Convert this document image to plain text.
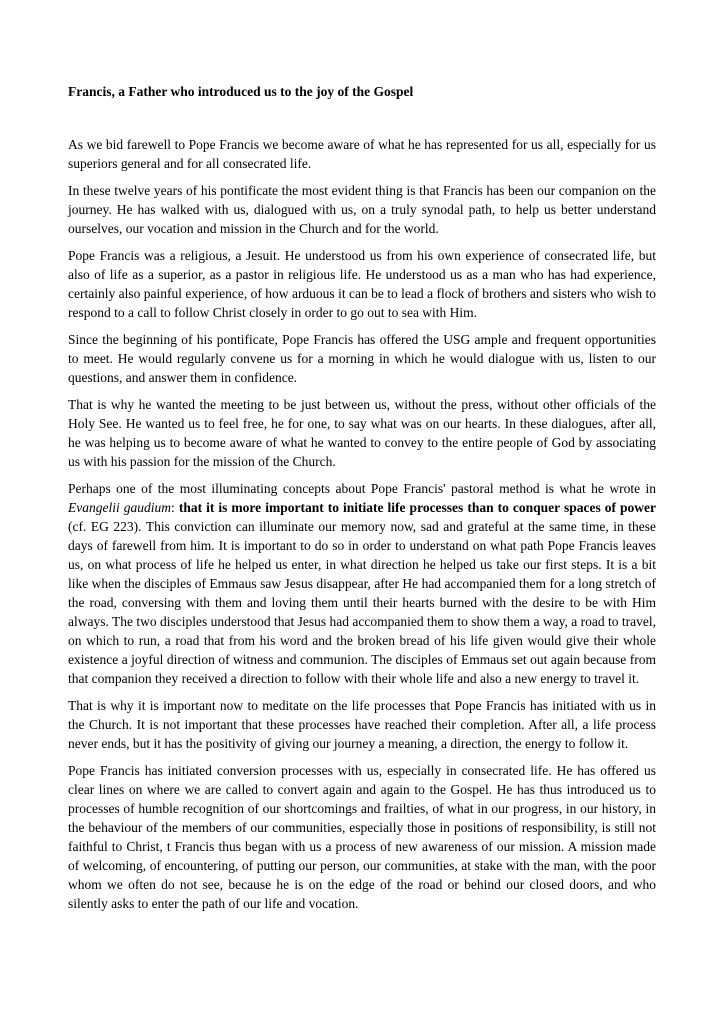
Francis, a Father who introduced us to the joy of the Gospel

As we bid farewell to Pope Francis we become aware of what he has represented for us all, especially for us superiors general and for all consecrated life.

In these twelve years of his pontificate the most evident thing is that Francis has been our companion on the journey. He has walked with us, dialogued with us, on a truly synodal path, to help us better understand ourselves, our vocation and mission in the Church and for the world.

Pope Francis was a religious, a Jesuit. He understood us from his own experience of consecrated life, but also of life as a superior, as a pastor in religious life. He understood us as a man who has had experience, certainly also painful experience, of how arduous it can be to lead a flock of brothers and sisters who wish to respond to a call to follow Christ closely in order to go out to sea with Him.

Since the beginning of his pontificate, Pope Francis has offered the USG ample and frequent opportunities to meet. He would regularly convene us for a morning in which he would dialogue with us, listen to our questions, and answer them in confidence.

That is why he wanted the meeting to be just between us, without the press, without other officials of the Holy See. He wanted us to feel free, he for one, to say what was on our hearts. In these dialogues, after all, he was helping us to become aware of what he wanted to convey to the entire people of God by associating us with his passion for the mission of the Church.

Perhaps one of the most illuminating concepts about Pope Francis' pastoral method is what he wrote in Evangelii gaudium: that it is more important to initiate life processes than to conquer spaces of power (cf. EG 223). This conviction can illuminate our memory now, sad and grateful at the same time, in these days of farewell from him. It is important to do so in order to understand on what path Pope Francis leaves us, on what process of life he helped us enter, in what direction he helped us take our first steps. It is a bit like when the disciples of Emmaus saw Jesus disappear, after He had accompanied them for a long stretch of the road, conversing with them and loving them until their hearts burned with the desire to be with Him always. The two disciples understood that Jesus had accompanied them to show them a way, a road to travel, on which to run, a road that from his word and the broken bread of his life given would give their whole existence a joyful direction of witness and communion. The disciples of Emmaus set out again because from that companion they received a direction to follow with their whole life and also a new energy to travel it.

That is why it is important now to meditate on the life processes that Pope Francis has initiated with us in the Church. It is not important that these processes have reached their completion. After all, a life process never ends, but it has the positivity of giving our journey a meaning, a direction, the energy to follow it.

Pope Francis has initiated conversion processes with us, especially in consecrated life. He has offered us clear lines on where we are called to convert again and again to the Gospel. He has thus introduced us to processes of humble recognition of our shortcomings and frailties, of what in our progress, in our history, in the behaviour of the members of our communities, especially those in positions of responsibility, is still not faithful to Christ, t Francis thus began with us a process of new awareness of our mission. A mission made of welcoming, of encountering, of putting our person, our communities, at stake with the man, with the poor whom we often do not see, because he is on the edge of the road or behind our closed doors, and who silently asks to enter the path of our life and vocation.
